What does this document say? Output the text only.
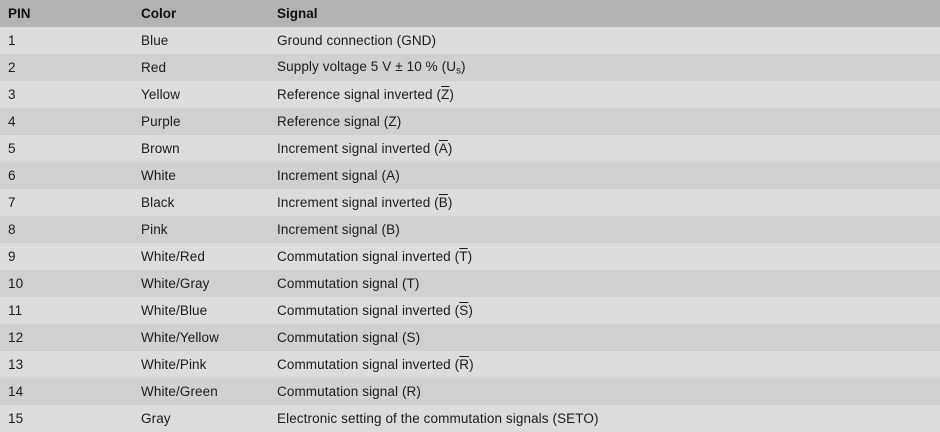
PIN	Color	Signal
1	Blue	Ground connection (GND)
2	Red	Supply voltage 5 V ± 10 % $(U_s)$
3	Yellow	Reference signal inverted $(\overline{Z})$
4	Purple	Reference signal (Z)
5	Brown	Increment signal inverted $(\overline{A})$
6	White	Increment signal (A)
7	Black	Increment signal inverted $(\overline{B})$
8	Pink	Increment signal (B)
9	White/Red	Commutation signal inverted $(\overline{T})$
10	White/Gray	Commutation signal (T)
11	White/Blue	Commutation signal inverted $(\overline{S})$
12	White/Yellow	Commutation signal (S)
13	White/Pink	Commutation signal inverted $(\overline{R})$
14	White/Green	Commutation signal (R)
15	Gray	Electronic setting of the commutation signals (SETO)
